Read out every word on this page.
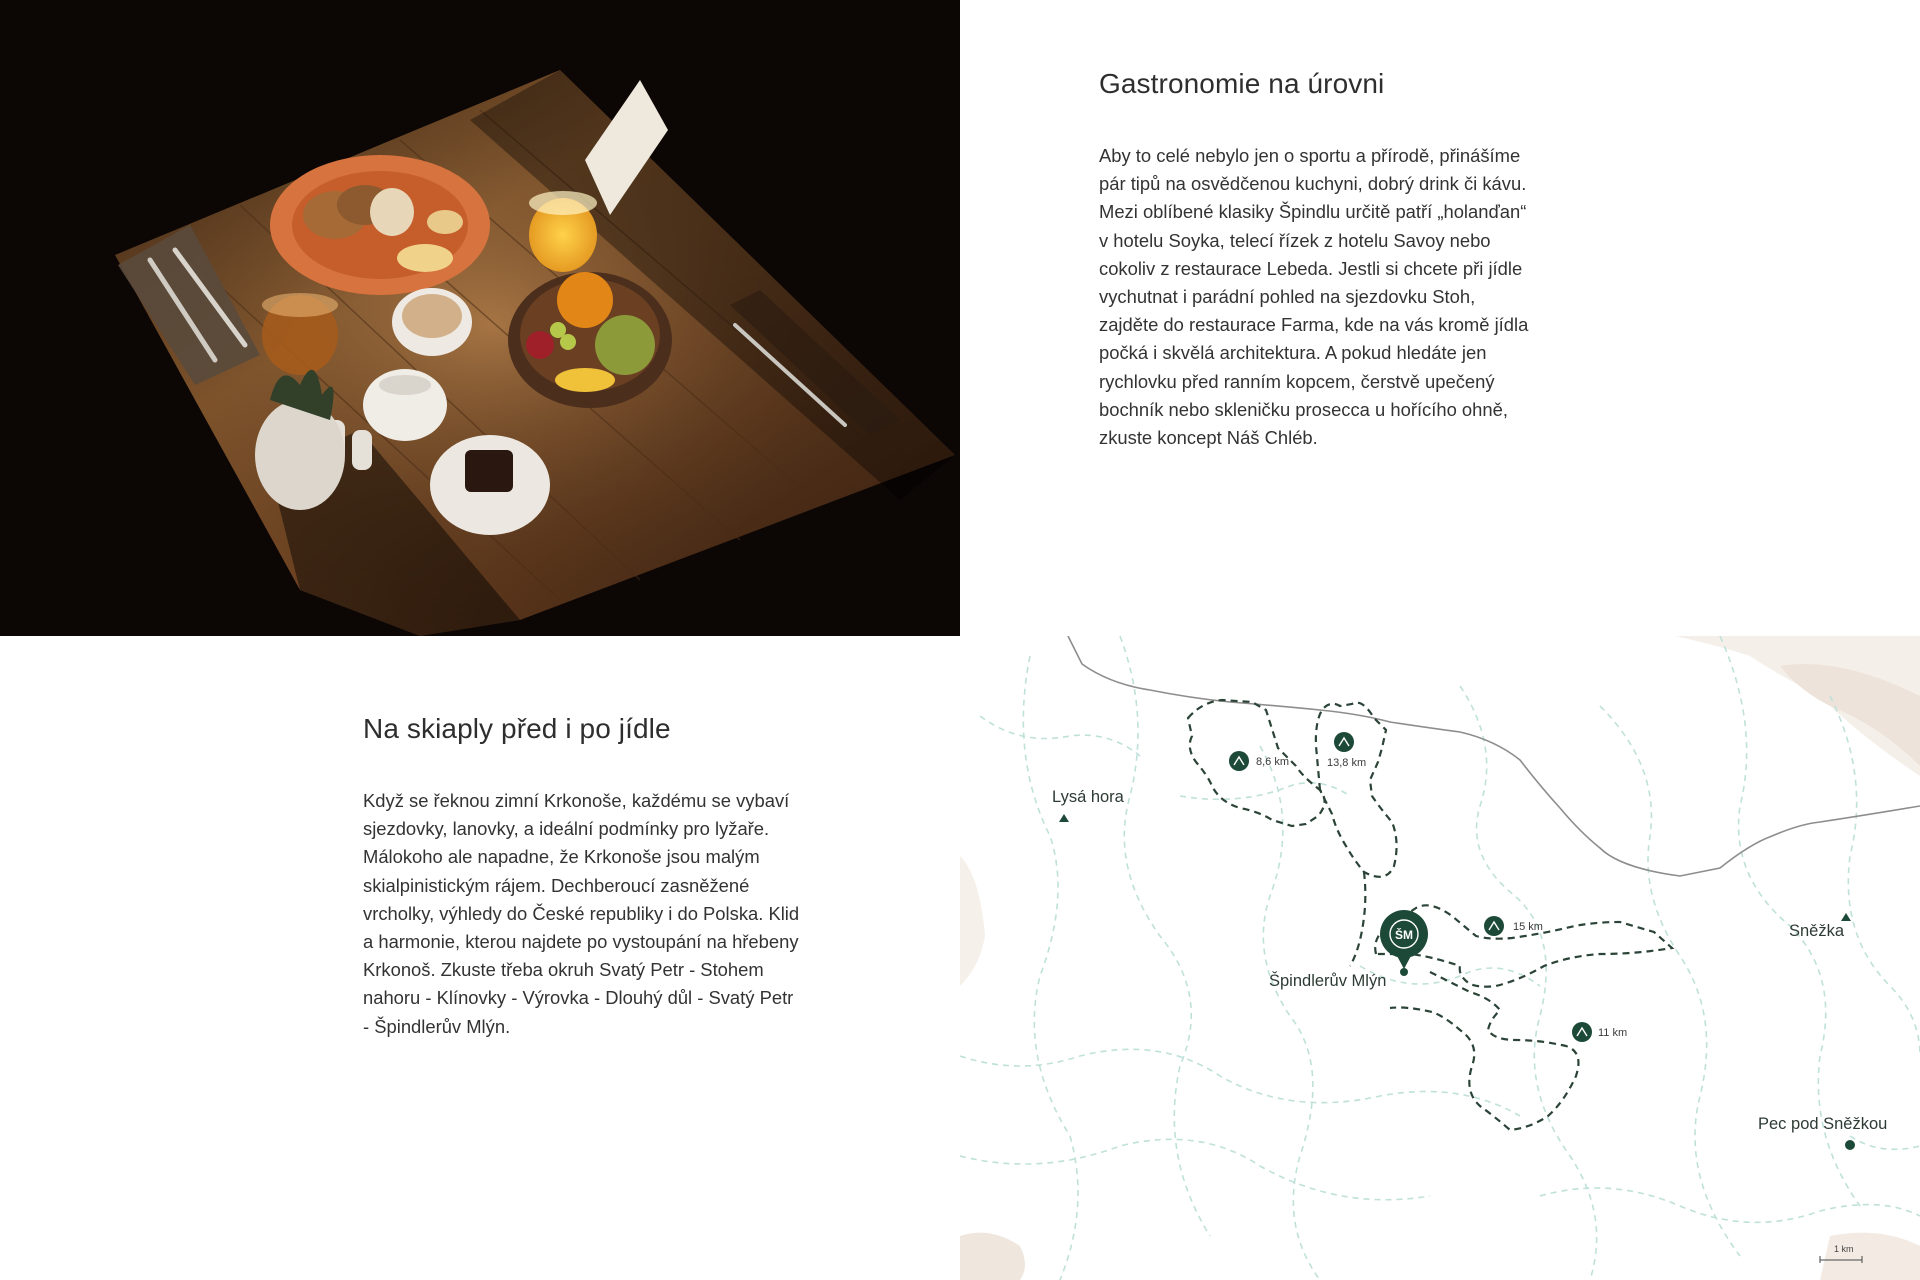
Gastronomie na úrovni

Aby to celé nebylo jen o sportu a přírodě, přinášíme
pár tipů na osvědčenou kuchyni, dobrý drink či kávu.
Mezi oblíbené klasiky Špindlu určitě patří „holanďan“
v hotelu Soyka, telecí řízek z hotelu Savoy nebo
cokoliv z restaurace Lebeda. Jestli si chcete při jídle
vychutnat i parádní pohled na sjezdovku Stoh,
zajděte do restaurace Farma, kde na vás kromě jídla
počká i skvělá architektura. A pokud hledáte jen
rychlovku před ranním kopcem, čerstvě upečený
bochník nebo skleničku prosecca u hořícího ohně,
zkuste koncept Náš Chléb.

Na skiaply před i po jídle

Když se řeknou zimní Krkonoše, každému se vybaví
sjezdovky, lanovky, a ideální podmínky pro lyžaře.
Málokoho ale napadne, že Krkonoše jsou malým
skialpinistickým rájem. Dechberoucí zasněžené
vrcholky, výhledy do České republiky i do Polska. Klid
a harmonie, kterou najdete po vystoupání na hřebeny
Krkonoš. Zkuste třeba okruh Svatý Petr - Stohem
nahoru - Klínovky - Výrovka - Dlouhý důl - Svatý Petr
- Špindlerův Mlýn.

8,6 km	13,8 km
15 km
11 km
Lysá hora
Sněžka
ŠM
Špindlerův Mlýn
Pec pod Sněžkou
1 km
